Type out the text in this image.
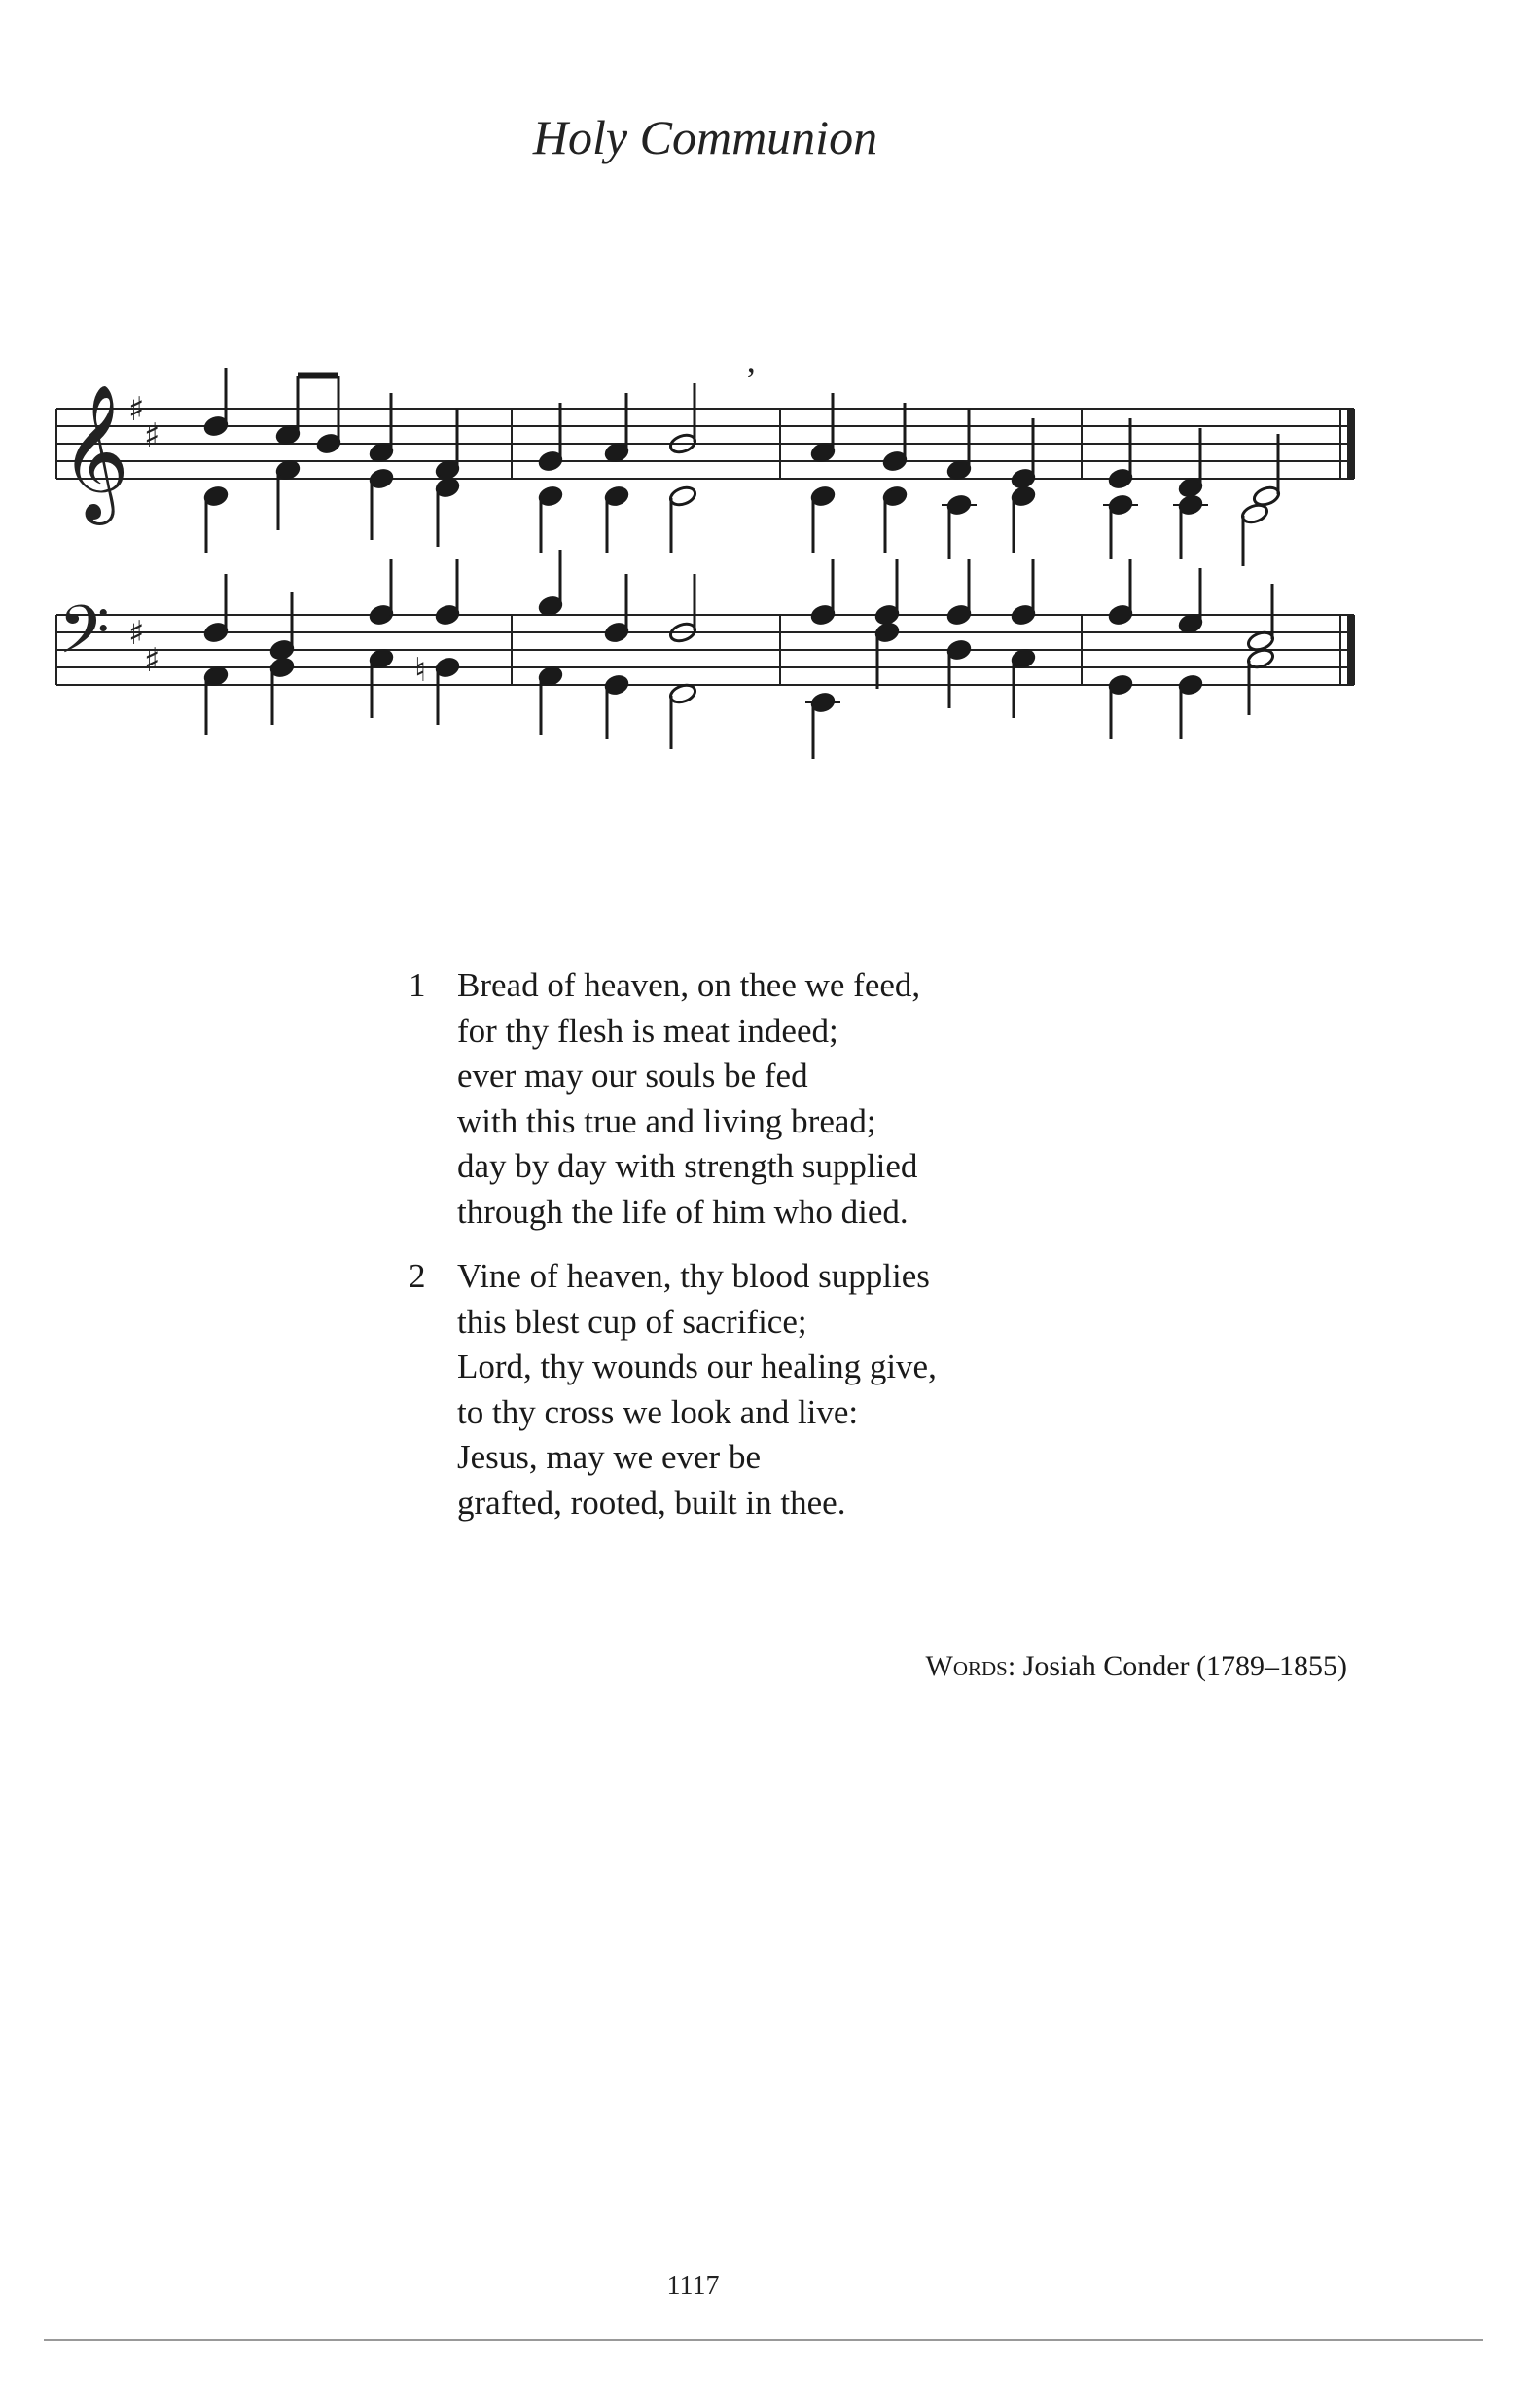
Holy Communion
𝄞
𝄢
♯
♯
♯
♯
’
♮
1 Bread of heaven, on thee we feed,
for thy flesh is meat indeed;
ever may our souls be fed
with this true and living bread;
day by day with strength supplied
through the life of him who died.
2 Vine of heaven, thy blood supplies
this blest cup of sacrifice;
Lord, thy wounds our healing give,
to thy cross we look and live:
Jesus, may we ever be
grafted, rooted, built in thee.
Words: Josiah Conder (1789–1855)
1117
